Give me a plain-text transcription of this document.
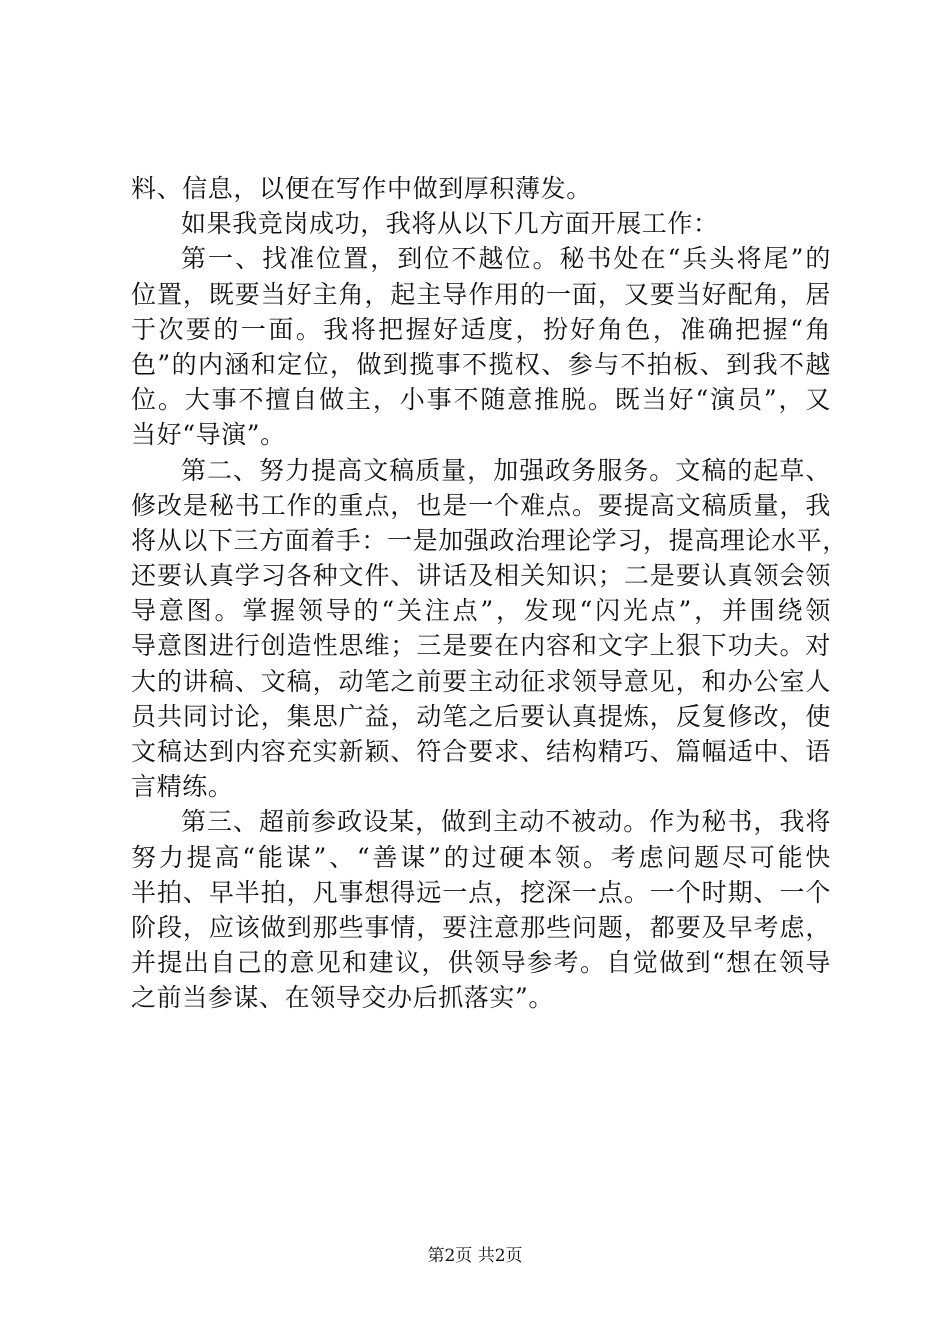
料、信息，以便在写作中做到厚积薄发。
如果我竞岗成功，我将从以下几方面开展工作：
第一、找准位置，到位不越位。秘书处在“兵头将尾”的
位置，既要当好主角，起主导作用的一面，又要当好配角，居
于次要的一面。我将把握好适度，扮好角色，准确把握“角
色”的内涵和定位，做到揽事不揽权、参与不拍板、到我不越
位。大事不擅自做主，小事不随意推脱。既当好“演员”，又
当好“导演”。
第二、努力提高文稿质量，加强政务服务。文稿的起草、
修改是秘书工作的重点，也是一个难点。要提高文稿质量，我
将从以下三方面着手：一是加强政治理论学习，提高理论水平，
还要认真学习各种文件、讲话及相关知识；二是要认真领会领
导意图。掌握领导的“关注点”，发现“闪光点”，并围绕领
导意图进行创造性思维；三是要在内容和文字上狠下功夫。对
大的讲稿、文稿，动笔之前要主动征求领导意见，和办公室人
员共同讨论，集思广益，动笔之后要认真提炼，反复修改，使
文稿达到内容充实新颖、符合要求、结构精巧、篇幅适中、语
言精练。
第三、超前参政设某，做到主动不被动。作为秘书，我将
努力提高“能谋”、“善谋”的过硬本领。考虑问题尽可能快
半拍、早半拍，凡事想得远一点，挖深一点。一个时期、一个
阶段，应该做到那些事情，要注意那些问题，都要及早考虑，
并提出自己的意见和建议，供领导参考。自觉做到“想在领导
之前当参谋、在领导交办后抓落实”。
第2页 共2页
